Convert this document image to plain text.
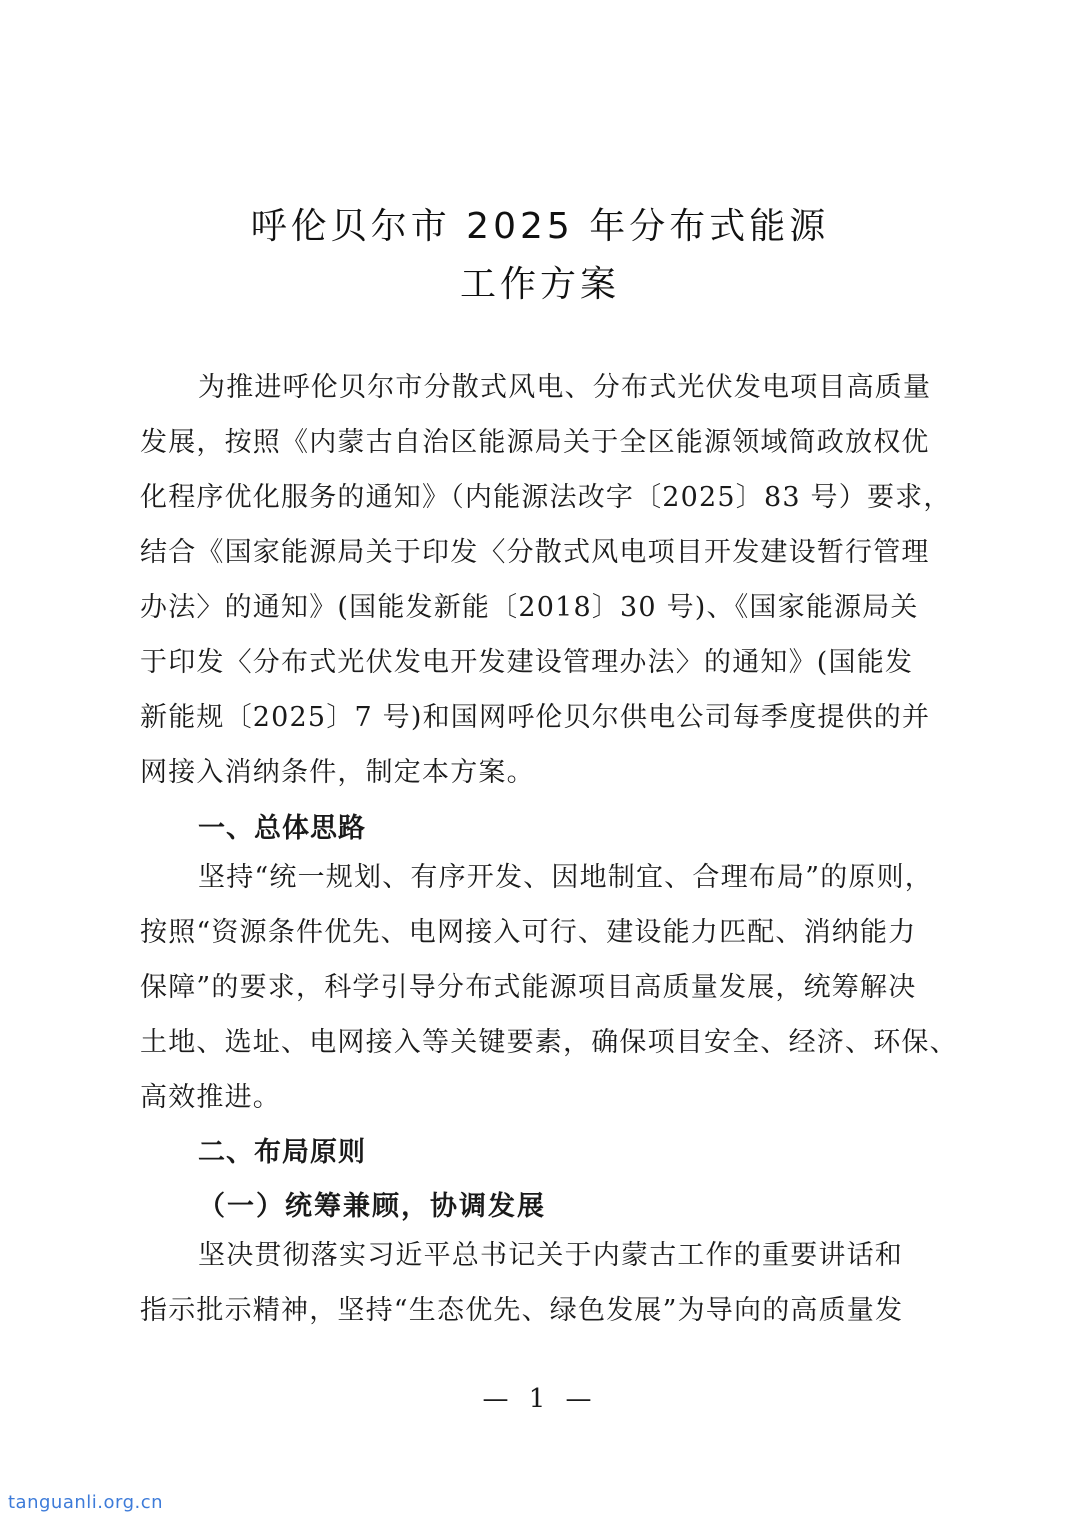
呼伦贝尔市 2025 年分布式能源
工作方案
为推进呼伦贝尔市分散式风电、分布式光伏发电项目高质量
发展，按照《内蒙古自治区能源局关于全区能源领域简政放权优
化程序优化服务的通知》（内能源法改字〔2025〕83 号）要求，
结合《国家能源局关于印发〈分散式风电项目开发建设暂行管理
办法〉的通知》(国能发新能〔2018〕30 号)、《国家能源局关
于印发〈分布式光伏发电开发建设管理办法〉的通知》(国能发
新能规〔2025〕7 号)和国网呼伦贝尔供电公司每季度提供的并
网接入消纳条件，制定本方案。
一、总体思路
坚持“统一规划、有序开发、因地制宜、合理布局”的原则，
按照“资源条件优先、电网接入可行、建设能力匹配、消纳能力
保障”的要求，科学引导分布式能源项目高质量发展，统筹解决
土地、选址、电网接入等关键要素，确保项目安全、经济、环保、
高效推进。
二、布局原则
（一）统筹兼顾，协调发展
坚决贯彻落实习近平总书记关于内蒙古工作的重要讲话和
指示批示精神，坚持“生态优先、绿色发展”为导向的高质量发
— 1 —
tanguanli.org.cn
